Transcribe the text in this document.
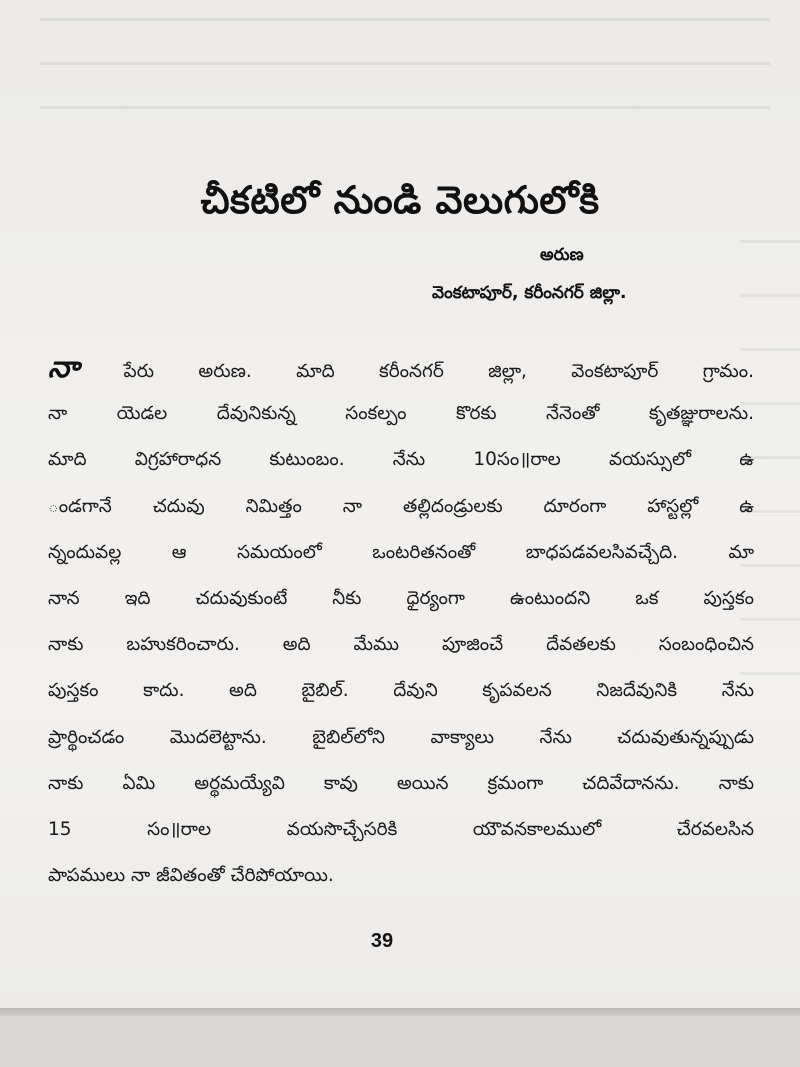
చీకటిలో నుండి వెలుగులోకి
అరుణ
వెంకటాపూర్, కరీంనగర్ జిల్లా.
నా పేరు అరుణ. మాది కరీంనగర్ జిల్లా, వెంకటాపూర్ గ్రామం.
నా యెడల దేవునికున్న సంకల్పం కొరకు నేనెంతో కృతజ్ఞురాలను.
మాది విగ్రహారాధన కుటుంబం. నేను 10సం॥రాల వయస్సులో ఉ
ండగానే చదువు నిమిత్తం నా తల్లిదండ్రులకు దూరంగా హాస్టల్లో ఉ
న్నందువల్ల ఆ సమయంలో ఒంటరితనంతో బాధపడవలసివచ్చేది. మా
నాన ఇది చదువుకుంటే నీకు ధైర్యంగా ఉంటుందని ఒక పుస్తకం
నాకు బహుకరించారు. అది మేము పూజించే దేవతలకు సంబంధించిన
పుస్తకం కాదు. అది బైబిల్. దేవుని కృపవలన నిజదేవునికి నేను
ప్రార్థించడం మొదలెట్టాను. బైబిల్‌లోని వాక్యాలు నేను చదువుతున్నప్పుడు
నాకు ఏమి అర్థమయ్యేవి కావు అయిన క్రమంగా చదివేదానను. నాకు
15 సం॥రాల వయసొచ్చేసరికి యౌవనకాలములో చేరవలసిన
పాపములు నా జీవితంతో చేరిపోయాయి.
39
